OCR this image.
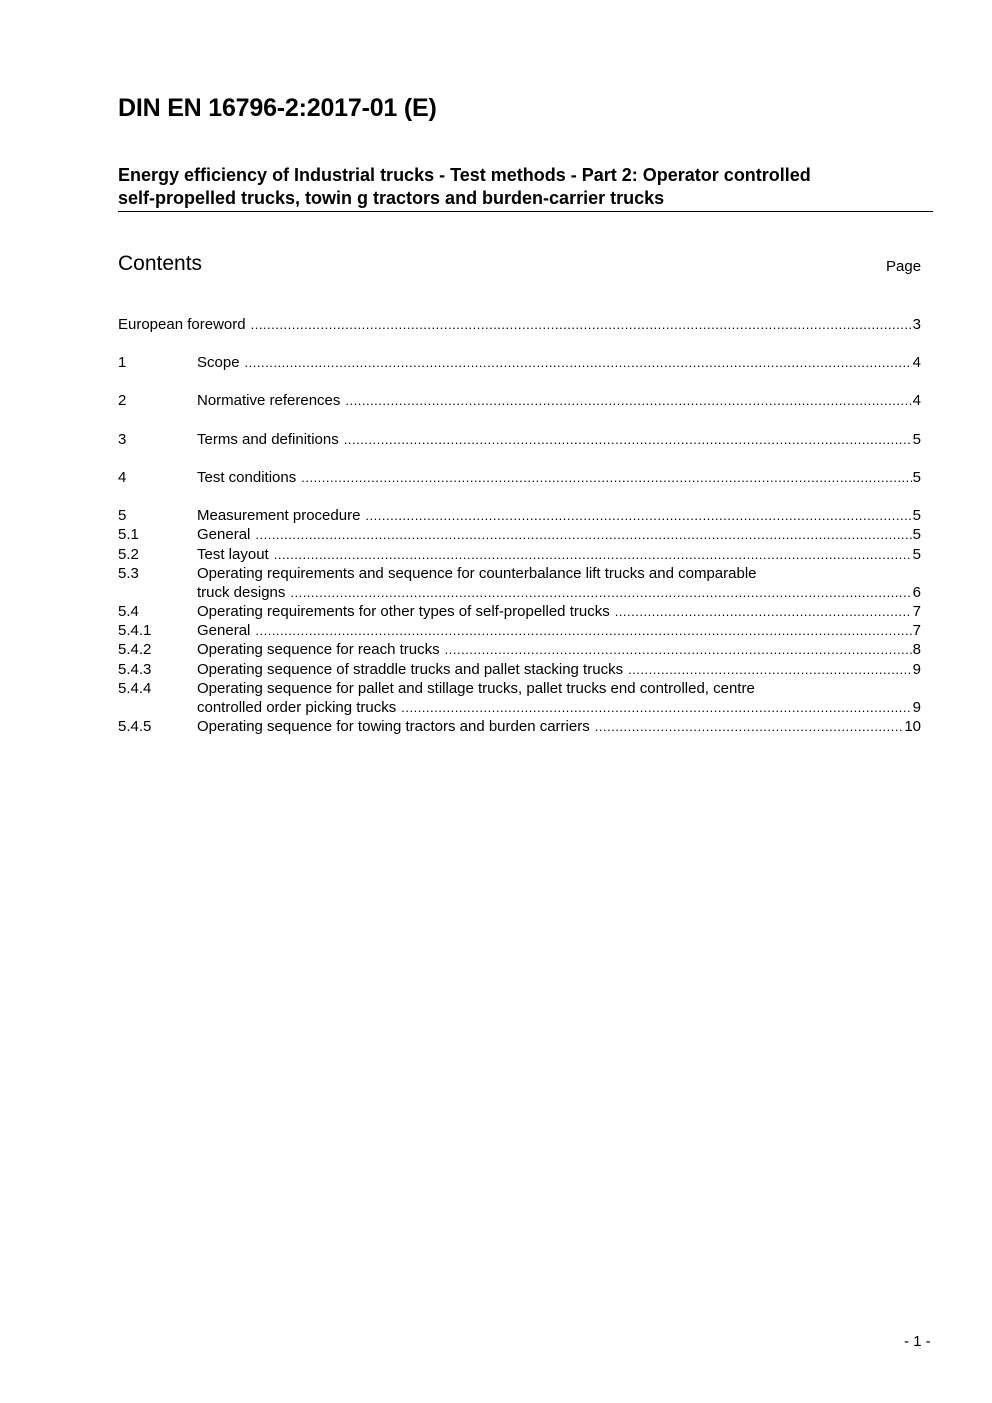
DIN EN 16796-2:2017-01 (E)
Energy efficiency of Industrial trucks - Test methods - Part 2: Operator controlled
self-propelled trucks, towin g tractors and burden-carrier trucks
Contents	Page
European foreword .....	3
1	Scope .....	4
2	Normative references .....	4
3	Terms and definitions .....	5
4	Test conditions .....	5
5	Measurement procedure .....	5
5.1	General .....	5
5.2	Test layout .....	5
5.3	Operating requirements and sequence for counterbalance lift trucks and comparable
truck designs .....	6
5.4	Operating requirements for other types of self-propelled trucks .....	7
5.4.1	General .....	7
5.4.2	Operating sequence for reach trucks .....	8
5.4.3	Operating sequence of straddle trucks and pallet stacking trucks .....	9
5.4.4	Operating sequence for pallet and stillage trucks, pallet trucks end controlled, centre
controlled order picking trucks .....	9
5.4.5	Operating sequence for towing tractors and burden carriers .....	10
- 1 -
